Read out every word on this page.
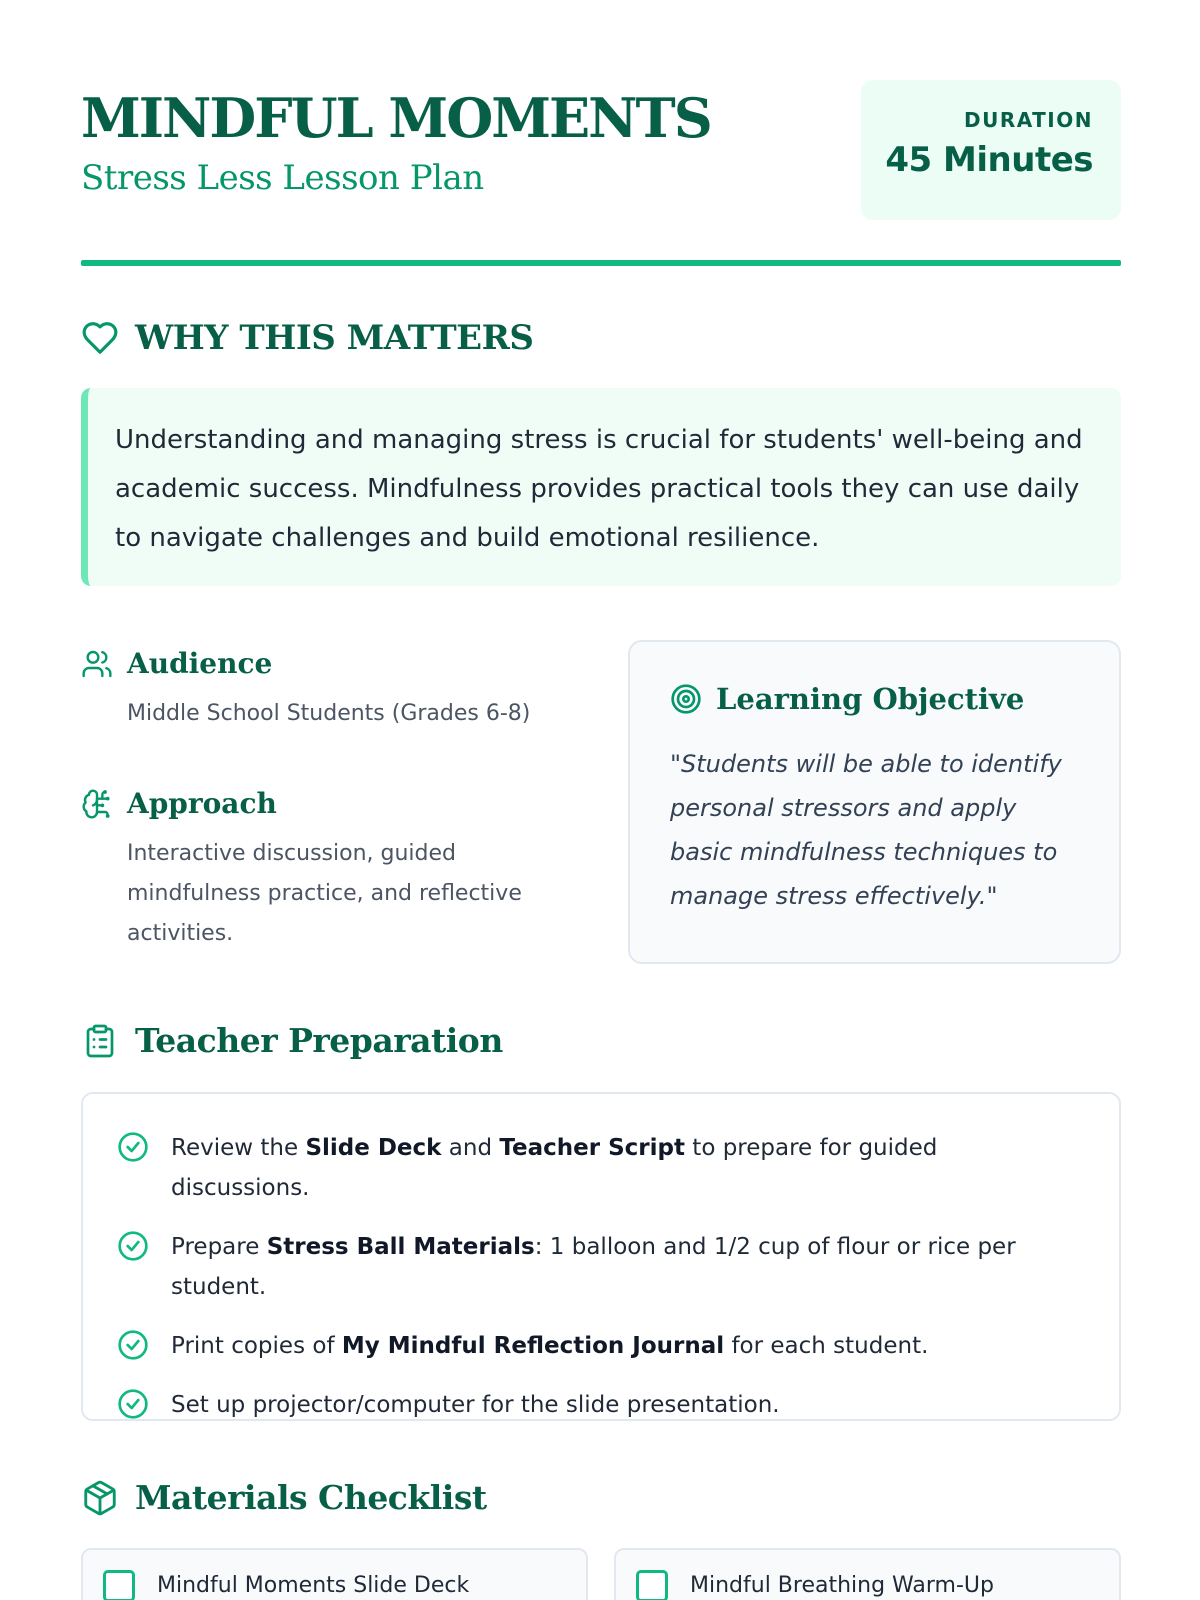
MINDFUL MOMENTS
Stress Less Lesson Plan
DURATION
45 Minutes
WHY THIS MATTERS

Understanding and managing stress is crucial for students' well-being and academic success. Mindfulness provides practical tools they can use daily to navigate challenges and build emotional resilience.

Audience
Middle School Students (Grades 6-8)
Approach
Interactive discussion, guided mindfulness practice, and reflective activities.
Learning Objective

"Students will be able to identify personal stressors and apply basic mindfulness techniques to manage stress effectively."

Teacher Preparation
Review the Slide Deck and Teacher Script to prepare for guided discussions.
Prepare Stress Ball Materials: 1 balloon and 1/2 cup of flour or rice per student.
Print copies of My Mindful Reflection Journal for each student.
Set up projector/computer for the slide presentation.
Materials Checklist
Mindful Moments Slide Deck	Mindful Breathing Warm-Up
